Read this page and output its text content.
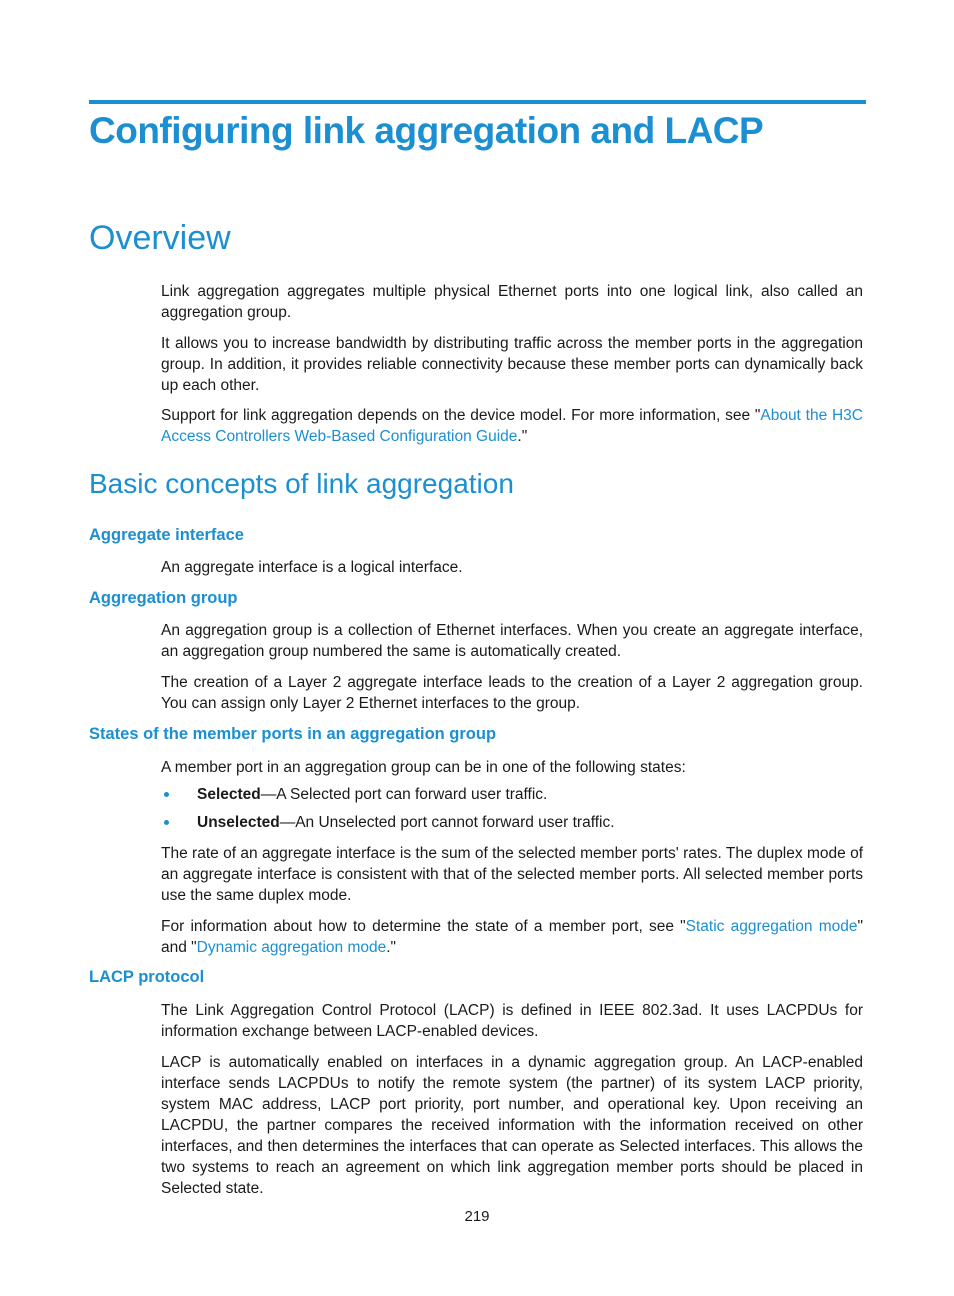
Configuring link aggregation and LACP
Overview

Link aggregation aggregates multiple physical Ethernet ports into one logical link, also called an aggregation group.

It allows you to increase bandwidth by distributing traffic across the member ports in the aggregation group. In addition, it provides reliable connectivity because these member ports can dynamically back up each other.

Support for link aggregation depends on the device model. For more information, see "About the H3C Access Controllers Web-Based Configuration Guide."

Basic concepts of link aggregation
Aggregate interface

An aggregate interface is a logical interface.

Aggregation group

An aggregation group is a collection of Ethernet interfaces. When you create an aggregate interface, an aggregation group numbered the same is automatically created.

The creation of a Layer 2 aggregate interface leads to the creation of a Layer 2 aggregation group. You can assign only Layer 2 Ethernet interfaces to the group.

States of the member ports in an aggregation group

A member port in an aggregation group can be in one of the following states:

Selected—A Selected port can forward user traffic.
Unselected—An Unselected port cannot forward user traffic.

The rate of an aggregate interface is the sum of the selected member ports' rates. The duplex mode of an aggregate interface is consistent with that of the selected member ports. All selected member ports use the same duplex mode.

For information about how to determine the state of a member port, see "Static aggregation mode" and "Dynamic aggregation mode."

LACP protocol

The Link Aggregation Control Protocol (LACP) is defined in IEEE 802.3ad. It uses LACPDUs for information exchange between LACP-enabled devices.

LACP is automatically enabled on interfaces in a dynamic aggregation group. An LACP-enabled interface sends LACPDUs to notify the remote system (the partner) of its system LACP priority, system MAC address, LACP port priority, port number, and operational key. Upon receiving an LACPDU, the partner compares the received information with the information received on other interfaces, and then determines the interfaces that can operate as Selected interfaces. This allows the two systems to reach an agreement on which link aggregation member ports should be placed in Selected state.

219
